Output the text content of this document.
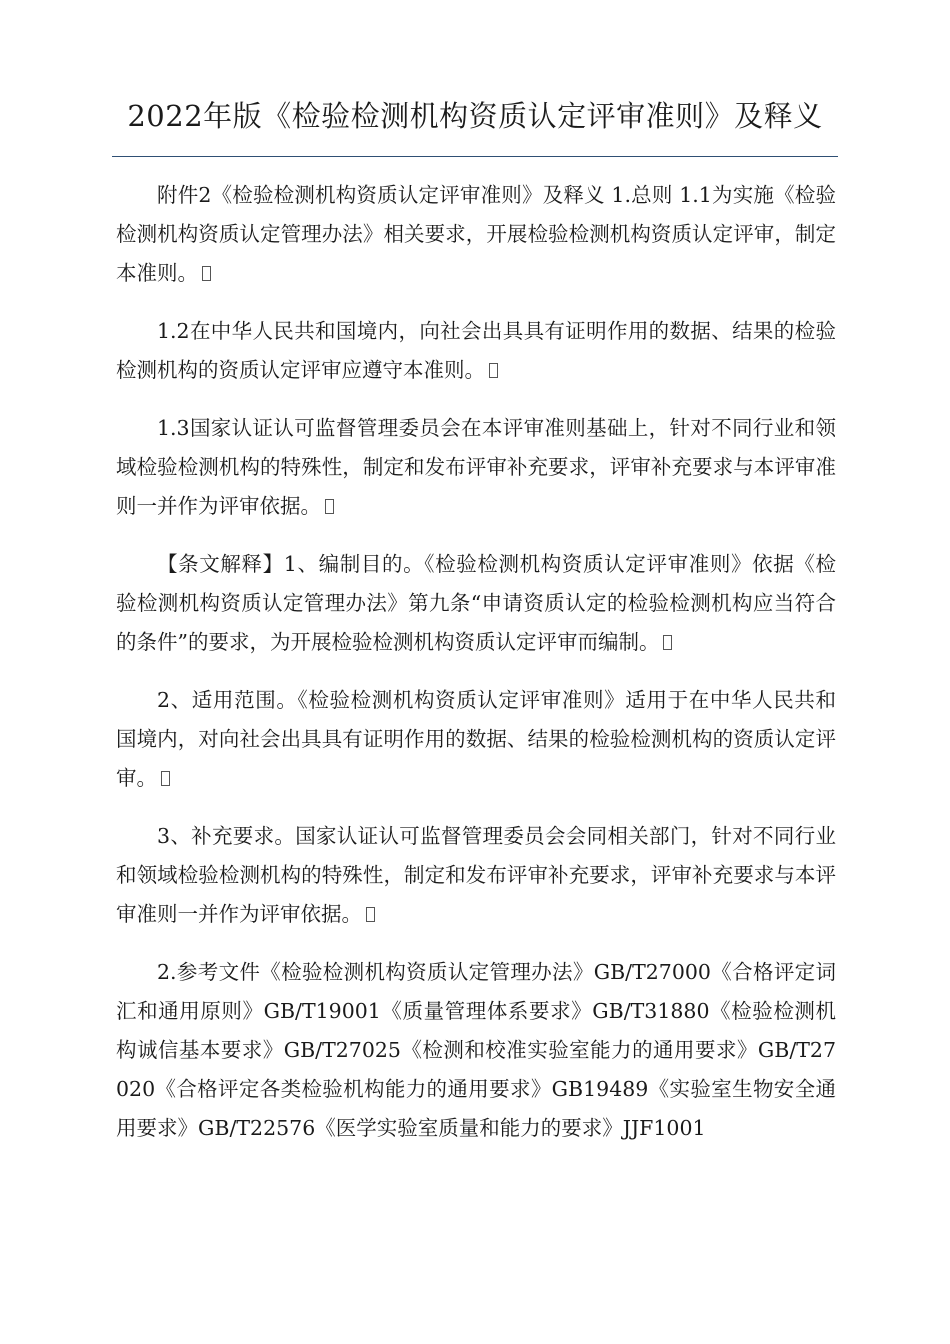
2022年版《检验检测机构资质认定评审准则》及释义

附件2《检验检测机构资质认定评审准则》及释义 1.总则 1.1为实施《检验检测机构资质认定管理办法》相关要求，开展检验检测机构资质认定评审，制定本准则。

1.2在中华人民共和国境内，向社会出具具有证明作用的数据、结果的检验检测机构的资质认定评审应遵守本准则。

1.3国家认证认可监督管理委员会在本评审准则基础上，针对不同行业和领域检验检测机构的特殊性，制定和发布评审补充要求，评审补充要求与本评审准则一并作为评审依据。

【条文解释】1、编制目的。《检验检测机构资质认定评审准则》依据《检验检测机构资质认定管理办法》第九条“申请资质认定的检验检测机构应当符合的条件”的要求，为开展检验检测机构资质认定评审而编制。

2、适用范围。《检验检测机构资质认定评审准则》适用于在中华人民共和国境内，对向社会出具具有证明作用的数据、结果的检验检测机构的资质认定评审。

3、补充要求。国家认证认可监督管理委员会会同相关部门，针对不同行业和领域检验检测机构的特殊性，制定和发布评审补充要求，评审补充要求与本评审准则一并作为评审依据。

2.参考文件《检验检测机构资质认定管理办法》GB/T27000《合格评定词汇和通用原则》GB/T19001《质量管理体系要求》GB/T31880《检验检测机构诚信基本要求》GB/T27025《检测和校准实验室能力的通用要求》GB/T27020《合格评定各类检验机构能力的通用要求》GB19489《实验室生物安全通用要求》GB/T22576《医学实验室质量和能力的要求》JJF1001
